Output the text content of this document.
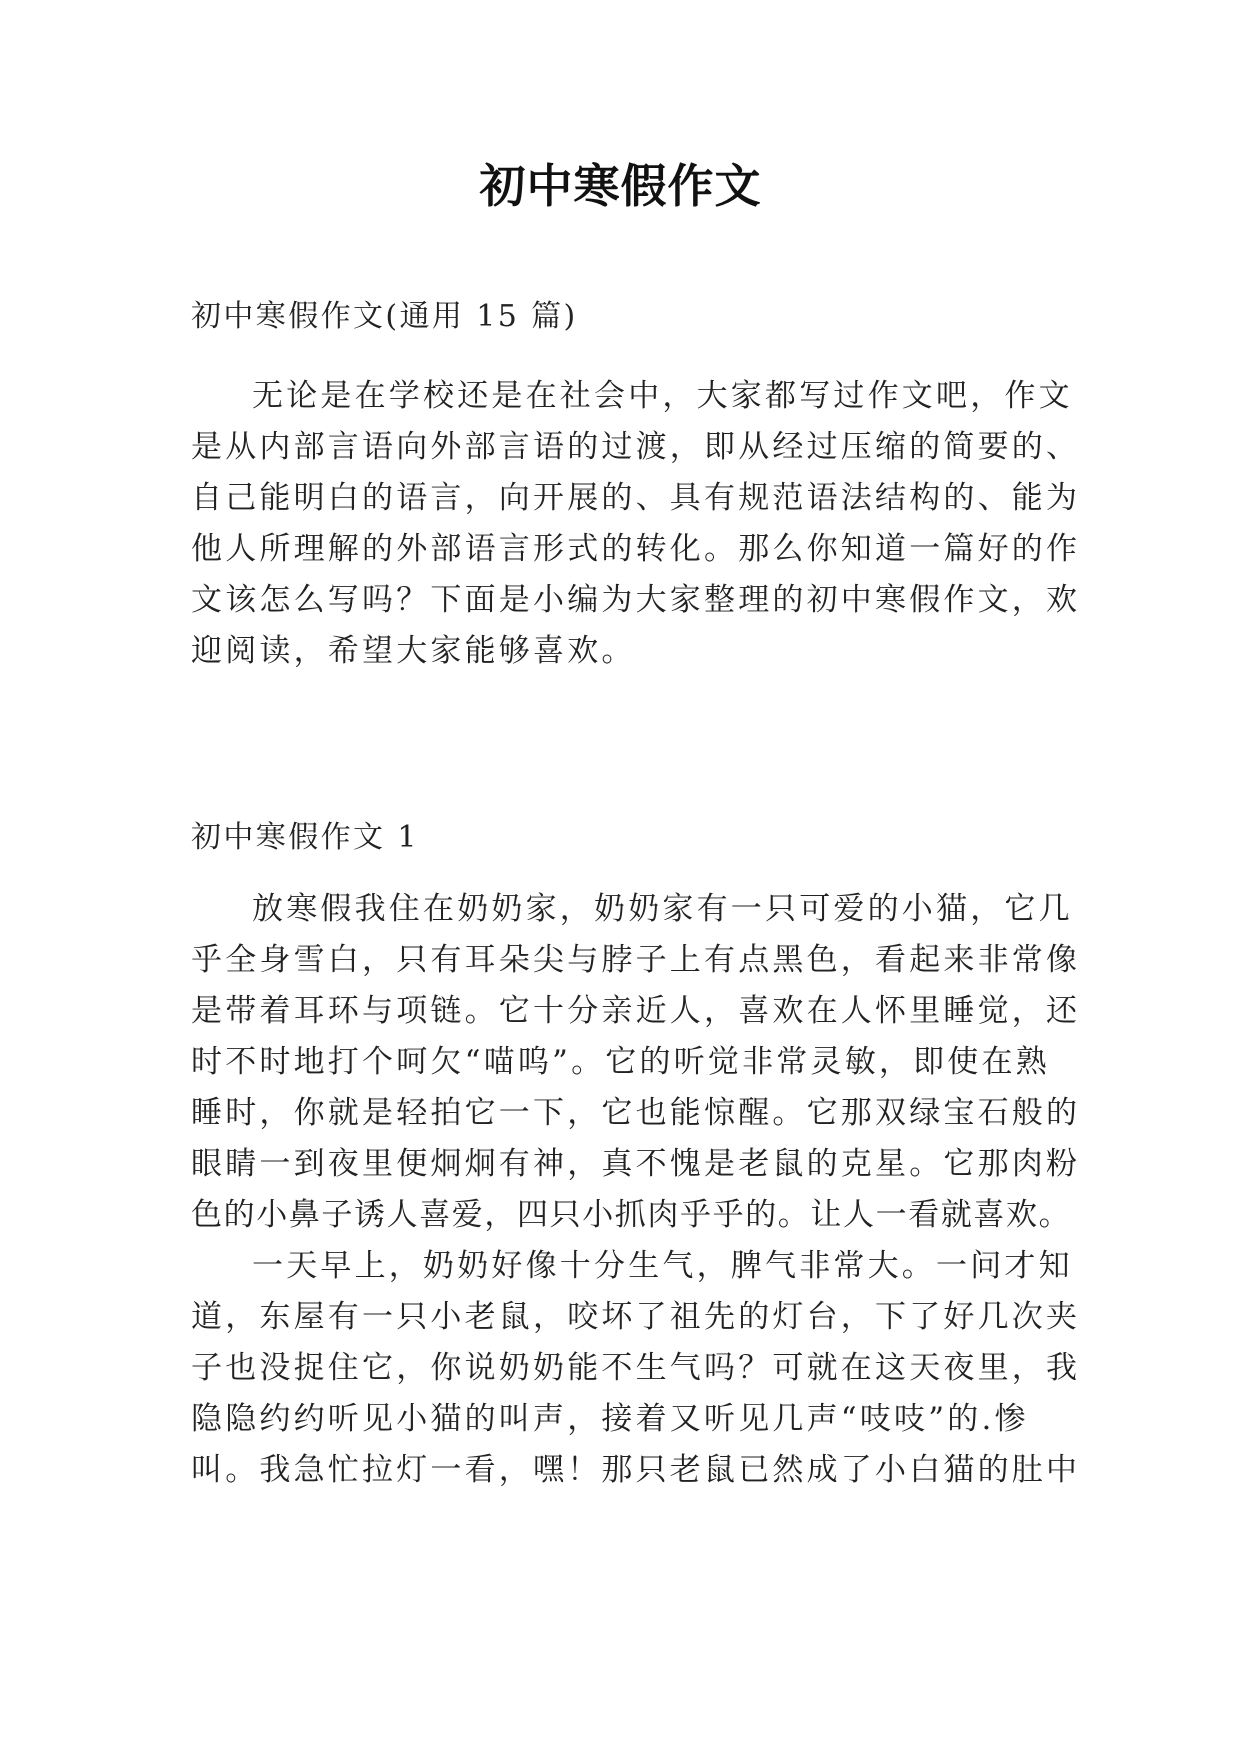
初中寒假作文
初中寒假作文(通用 15 篇)
无论是在学校还是在社会中，大家都写过作文吧，作文
是从内部言语向外部言语的过渡，即从经过压缩的简要的、
自己能明白的语言，向开展的、具有规范语法结构的、能为
他人所理解的外部语言形式的转化。那么你知道一篇好的作
文该怎么写吗？下面是小编为大家整理的初中寒假作文，欢
迎阅读，希望大家能够喜欢。
初中寒假作文 1
放寒假我住在奶奶家，奶奶家有一只可爱的小猫，它几
乎全身雪白，只有耳朵尖与脖子上有点黑色，看起来非常像
是带着耳环与项链。它十分亲近人，喜欢在人怀里睡觉，还
时不时地打个呵欠“喵呜”。它的听觉非常灵敏，即使在熟
睡时，你就是轻拍它一下，它也能惊醒。它那双绿宝石般的
眼睛一到夜里便炯炯有神，真不愧是老鼠的克星。它那肉粉
色的小鼻子诱人喜爱，四只小抓肉乎乎的。让人一看就喜欢。
一天早上，奶奶好像十分生气，脾气非常大。一问才知
道，东屋有一只小老鼠，咬坏了祖先的灯台，下了好几次夹
子也没捉住它，你说奶奶能不生气吗？可就在这天夜里，我
隐隐约约听见小猫的叫声，接着又听见几声“吱吱”的.惨
叫。我急忙拉灯一看，嘿！那只老鼠已然成了小白猫的肚中
